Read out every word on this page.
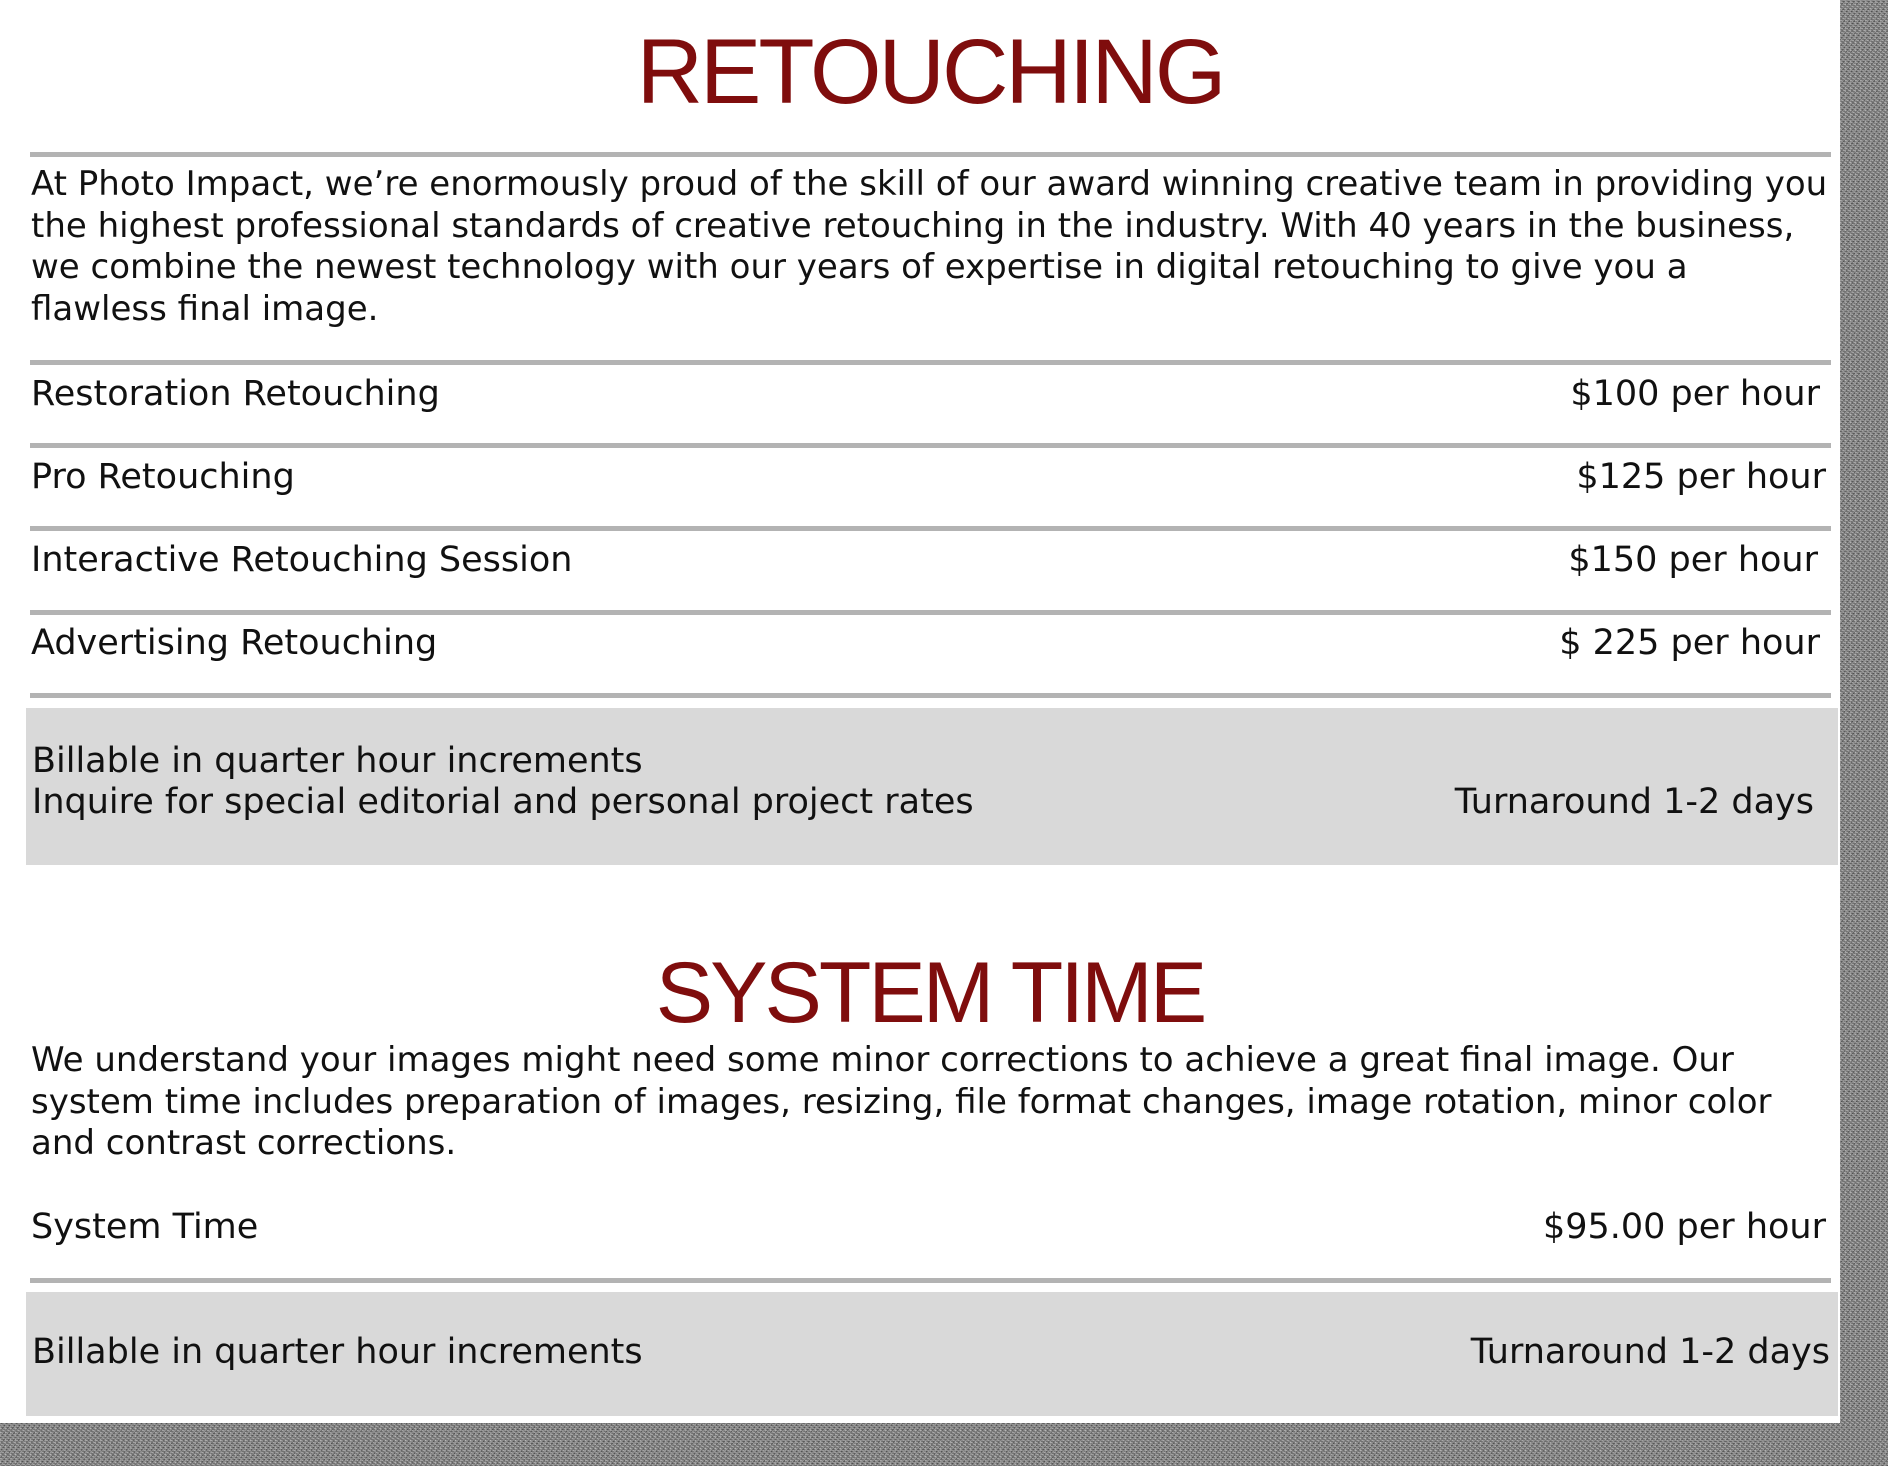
RETOUCHING

At Photo Impact, we’re enormously proud of the skill of our award winning creative team in providing you the highest professional standards of creative retouching in the industry. With 40 years in the business, we combine the newest technology with our years of expertise in digital retouching to give you a flawless final image.

Restoration Retouching	$100 per hour
Pro Retouching	$125 per hour
Interactive Retouching Session	$150 per hour
Advertising Retouching	$ 225 per hour
Billable in quarter hour increments
Inquire for special editorial and personal project rates	Turnaround 1-2 days
SYSTEM TIME

We understand your images might need some minor corrections to achieve a great final image. Our system time includes preparation of images, resizing, file format changes, image rotation, minor color and contrast corrections.

System Time	$95.00 per hour
Billable in quarter hour increments	Turnaround 1-2 days
